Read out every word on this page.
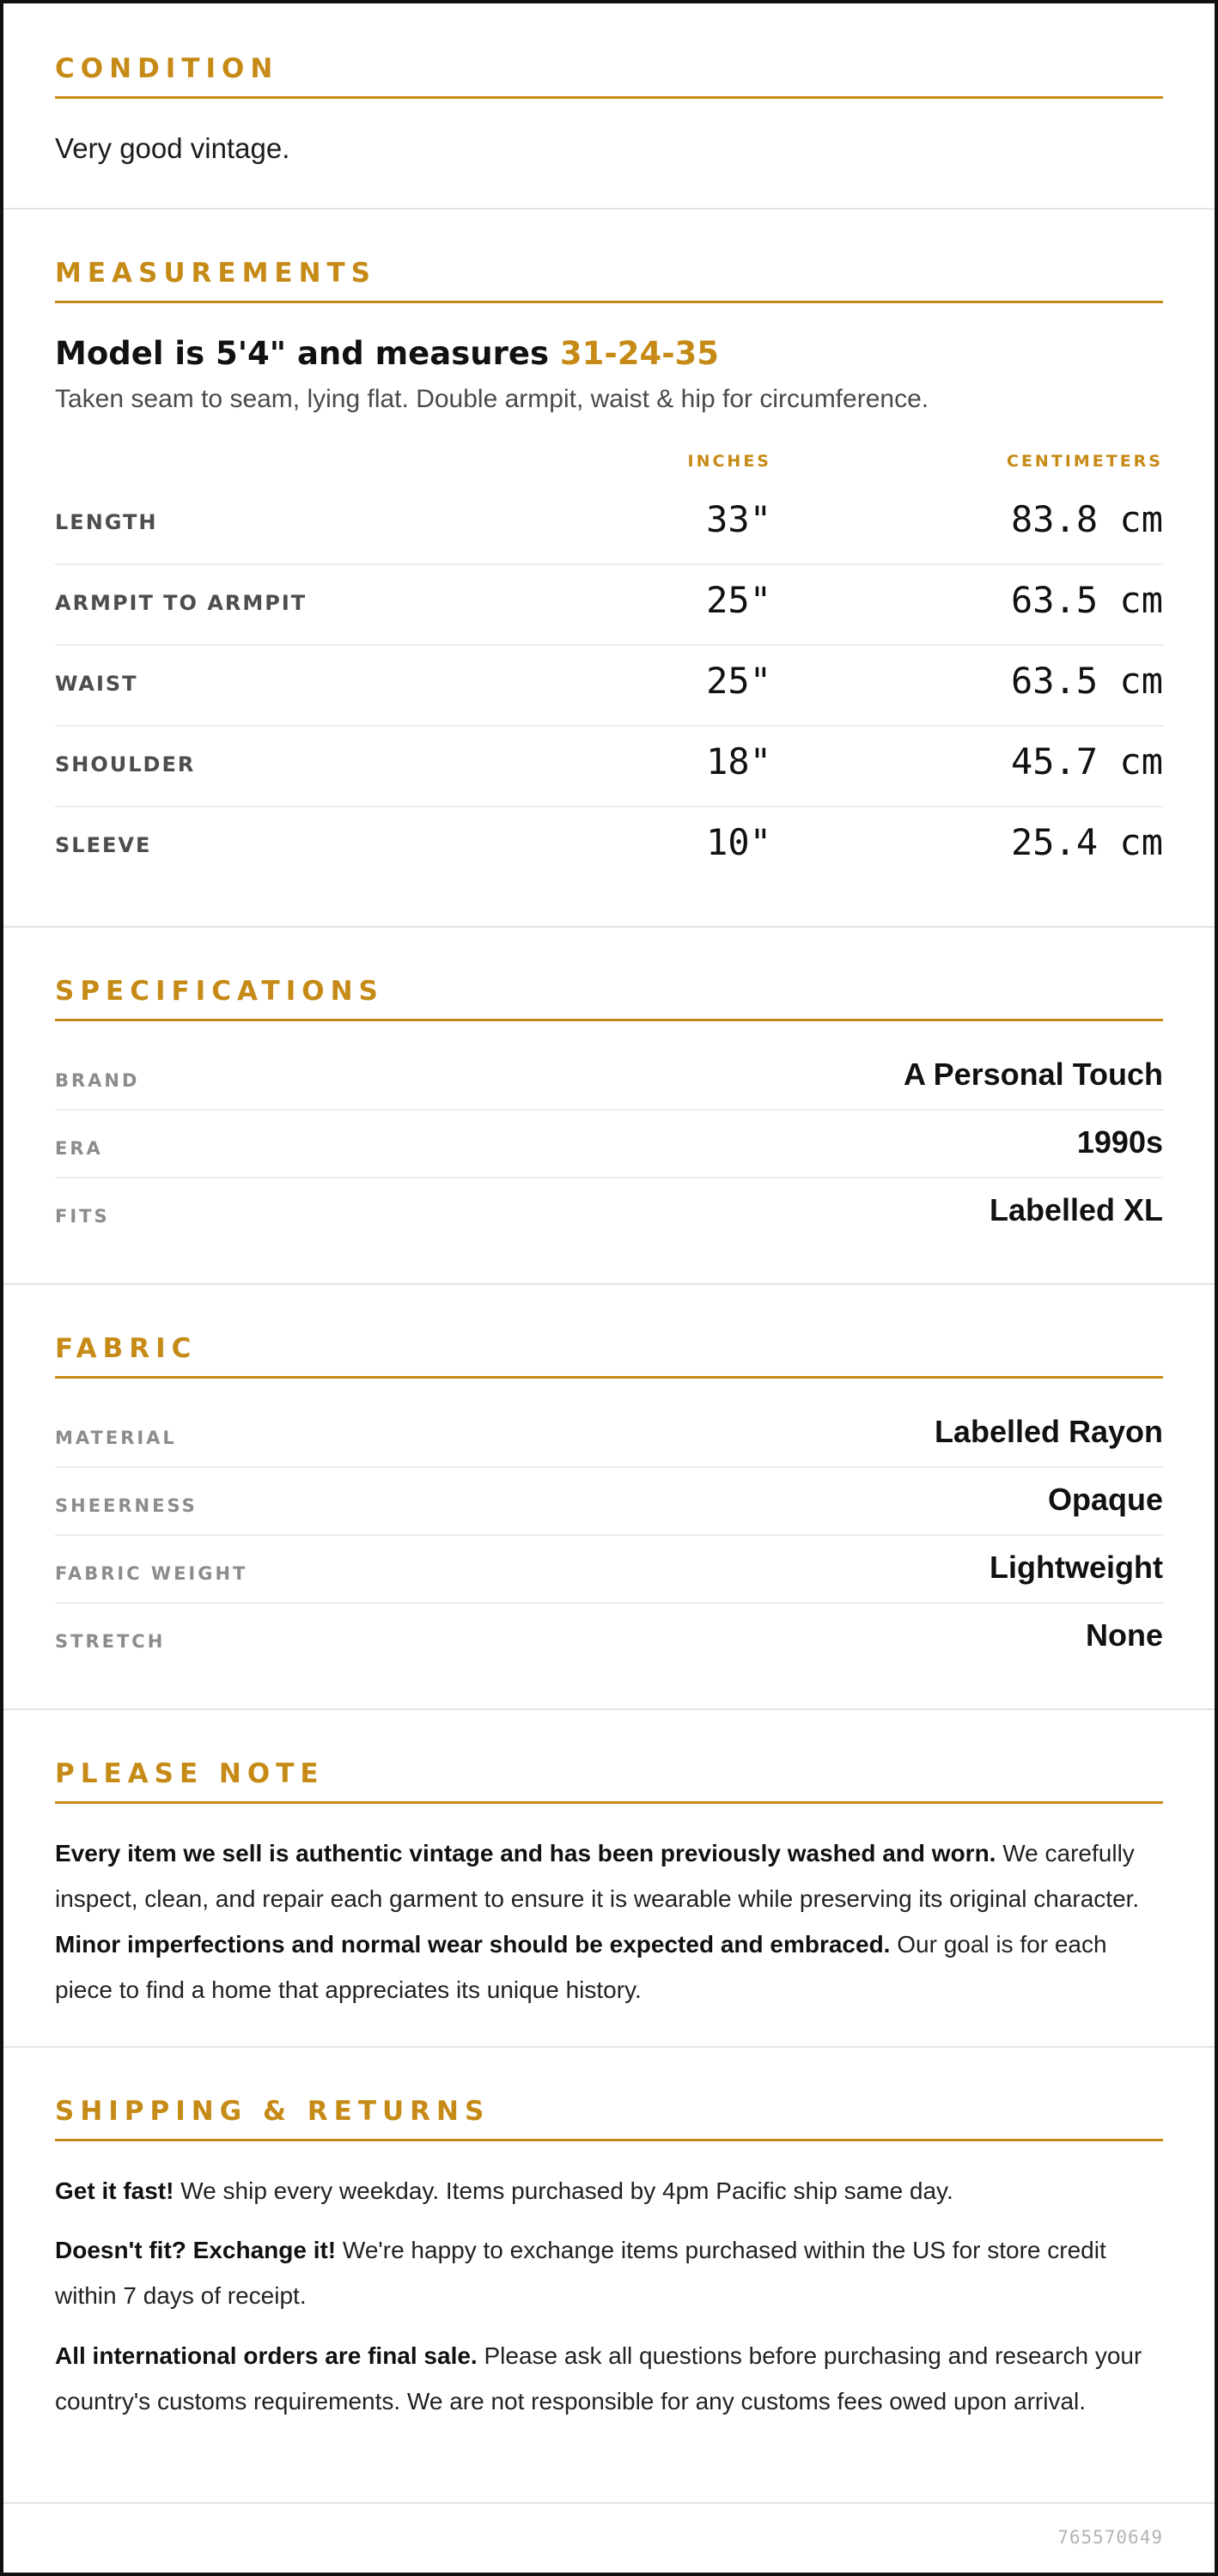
CONDITION
Very good vintage.
MEASUREMENTS
Model is 5'4" and measures 31-24-35
Taken seam to seam, lying flat. Double armpit, waist & hip for circumference.
INCHES	CENTIMETERS
LENGTH	33"	83.8 cm
ARMPIT TO ARMPIT	25"	63.5 cm
WAIST	25"	63.5 cm
SHOULDER	18"	45.7 cm
SLEEVE	10"	25.4 cm
SPECIFICATIONS
BRAND	A Personal Touch
ERA	1990s
FITS	Labelled XL
FABRIC
MATERIAL	Labelled Rayon
SHEERNESS	Opaque
FABRIC WEIGHT	Lightweight
STRETCH	None
PLEASE NOTE
Every item we sell is authentic vintage and has been previously washed and worn. We carefully inspect, clean, and repair each garment to ensure it is wearable while preserving its original character. Minor imperfections and normal wear should be expected and embraced. Our goal is for each piece to find a home that appreciates its unique history.
SHIPPING & RETURNS
Get it fast! We ship every weekday. Items purchased by 4pm Pacific ship same day.
Doesn't fit? Exchange it! We're happy to exchange items purchased within the US for store credit within 7 days of receipt.
All international orders are final sale. Please ask all questions before purchasing and research your country's customs requirements. We are not responsible for any customs fees owed upon arrival.
765570649
